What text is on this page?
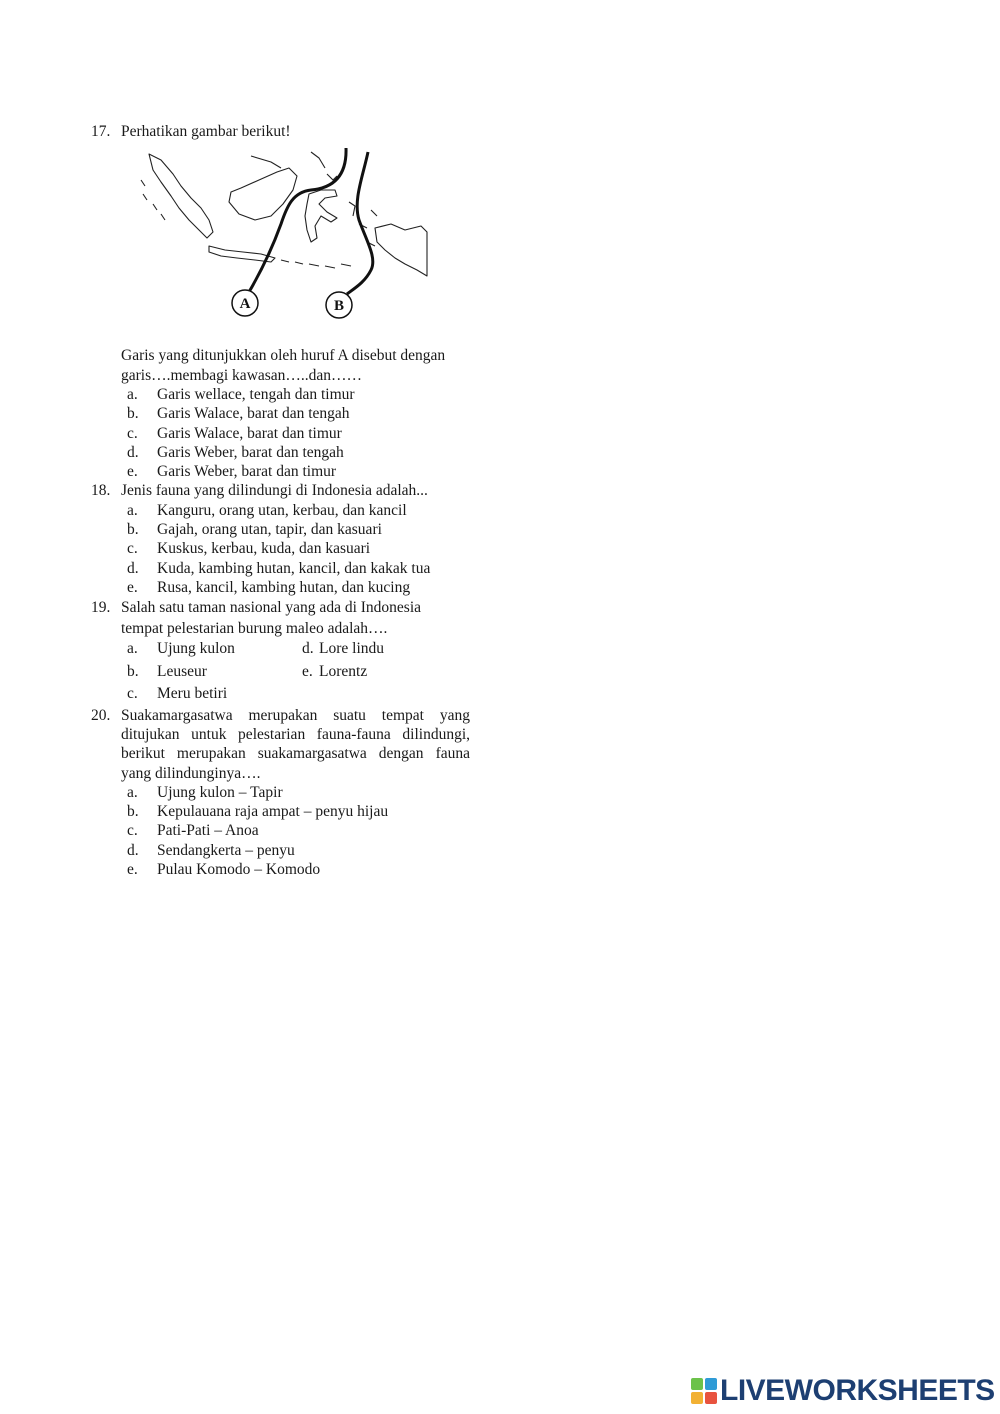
17. Perhatikan gambar berikut!
A	B
Garis yang ditunjukkan oleh huruf A disebut dengan
garis….membagi kawasan…..dan……
a. Garis wellace, tengah dan timur
b. Garis Walace, barat dan tengah
c. Garis Walace, barat dan timur
d. Garis Weber, barat dan tengah
e. Garis Weber, barat dan timur
18. Jenis fauna yang dilindungi di Indonesia adalah...
a. Kanguru, orang utan, kerbau, dan kancil
b. Gajah, orang utan, tapir, dan kasuari
c. Kuskus, kerbau, kuda, dan kasuari
d. Kuda, kambing hutan, kancil, dan kakak tua
e. Rusa, kancil, kambing hutan, dan kucing
19. Salah satu taman nasional yang ada di Indonesia
tempat pelestarian burung maleo adalah….
a. Ujung kulon	d. Lore lindu
b. Leuseur	e. Lorentz
c. Meru betiri
20. Suakamargasatwa merupakan suatu tempat yang
ditujukan untuk pelestarian fauna-fauna dilindungi,
berikut merupakan suakamargasatwa dengan fauna
yang dilindunginya….
a. Ujung kulon – Tapir
b. Kepulauana raja ampat – penyu hijau
c. Pati-Pati – Anoa
d. Sendangkerta – penyu
e. Pulau Komodo – Komodo
LIVEWORKSHEETS
